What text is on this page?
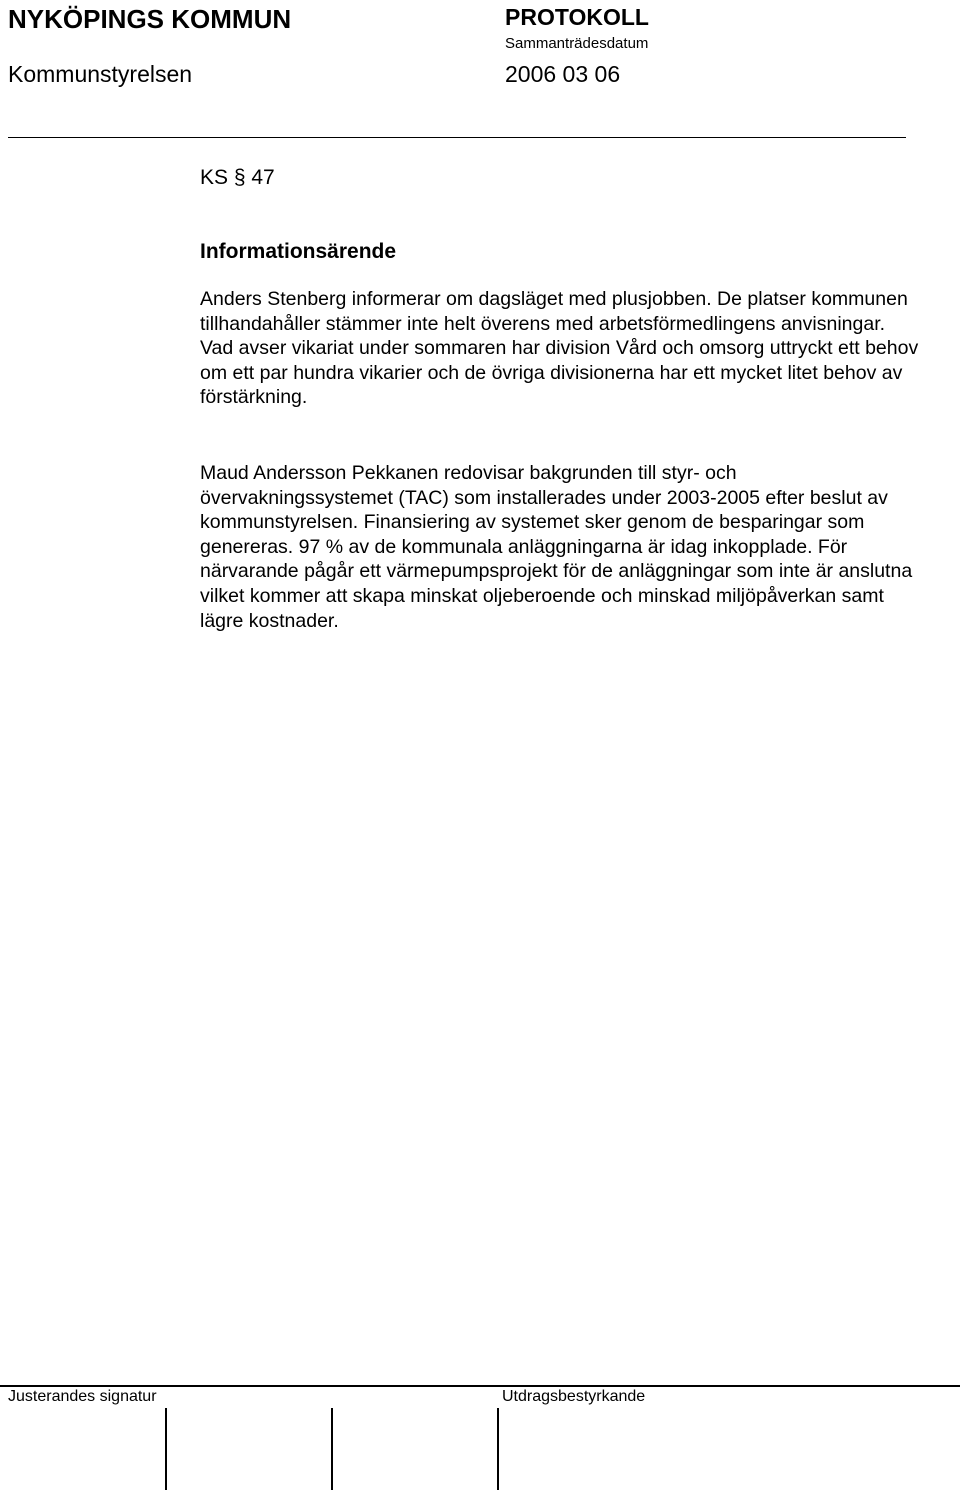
NYKÖPINGS KOMMUN	PROTOKOLL
Sammanträdesdatum
Kommunstyrelsen	2006 03 06
KS § 47
Informationsärende
Anders Stenberg informerar om dagsläget med plusjobben. De platser kommunen tillhandahåller stämmer inte helt överens med arbetsförmedlingens anvisningar. Vad avser vikariat under sommaren har division Vård och omsorg uttryckt ett behov om ett par hundra vikarier och de övriga divisionerna har ett mycket litet behov av förstärkning.
Maud Andersson Pekkanen redovisar bakgrunden till styr- och övervakningssystemet (TAC) som installerades under 2003-2005 efter beslut av kommunstyrelsen. Finansiering av systemet sker genom de besparingar som genereras. 97 % av de kommunala anläggningarna är idag inkopplade. För närvarande pågår ett värmepumpsprojekt för de anläggningar som inte är anslutna vilket kommer att skapa minskat oljeberoende och minskad miljöpåverkan samt lägre kostnader.
Justerandes signatur	Utdragsbestyrkande
